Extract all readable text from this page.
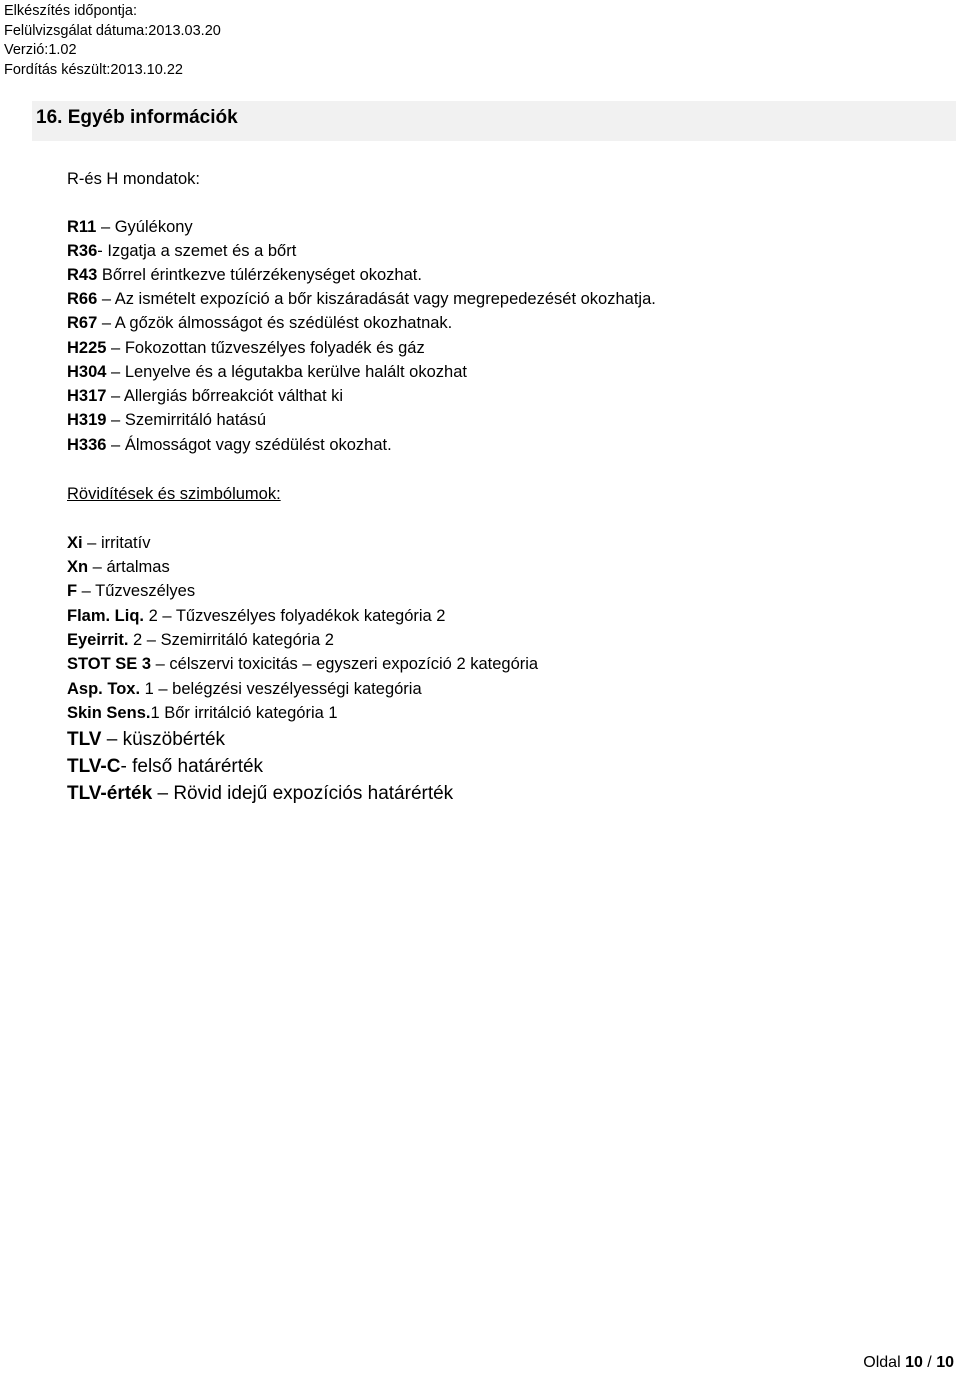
Elkészítés időpontja:
Felülvizsgálat dátuma:2013.03.20
Verzió:1.02
Fordítás készült:2013.10.22
16. Egyéb információk
R-és H mondatok:
R11 – Gyúlékony
R36- Izgatja a szemet és a bőrt
R43 Bőrrel érintkezve túlérzékenységet okozhat.
R66 – Az ismételt expozíció a bőr kiszáradását vagy megrepedezését okozhatja.
R67 – A gőzök álmosságot és szédülést okozhatnak.
H225 – Fokozottan tűzveszélyes folyadék és gáz
H304 – Lenyelve és a légutakba kerülve halált okozhat
H317 – Allergiás bőrreakciót válthat ki
H319 – Szemirritáló hatású
H336 – Álmosságot vagy szédülést okozhat.
Rövidítések és szimbólumok:
Xi – irritatív
Xn – ártalmas
F – Tűzveszélyes
Flam. Liq. 2 – Tűzveszélyes folyadékok kategória 2
Eyeirrit. 2 – Szemirritáló kategória 2
STOT SE 3 – célszervi toxicitás – egyszeri expozíció 2 kategória
Asp. Tox. 1 – belégzési veszélyességi kategória
Skin Sens.1 Bőr irritálció kategória 1
TLV – küszöbérték
TLV-C- felső határérték
TLV-érték – Rövid idejű expozíciós határérték
Oldal 10 / 10
